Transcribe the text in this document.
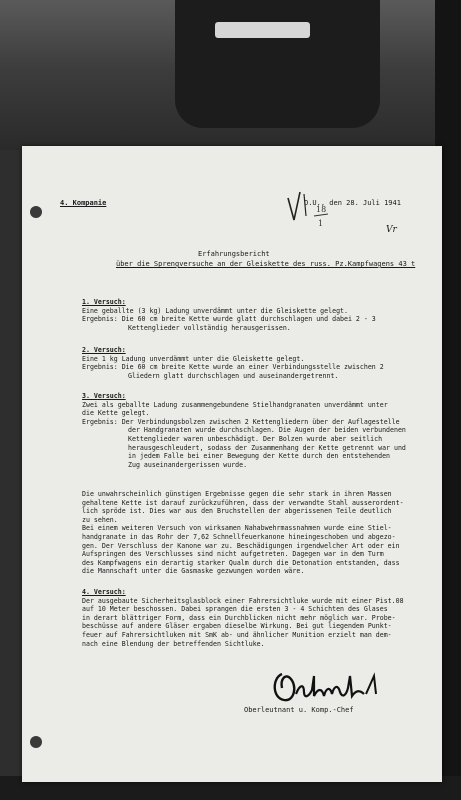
4. Kompanie	O.U., den 28. Juli 1941
18
1
Vr
Erfahrungsbericht
über die Sprengversuche an der Gleiskette des russ. Pz.Kampfwagens 43 t
1. Versuch:
Eine geballte (3 kg) Ladung unverdämmt unter die Gleiskette gelegt.
Ergebnis: Die 60 cm breite Kette wurde glatt durchschlagen und dabei 2 - 3
Kettenglieder vollständig herausgerissen.
2. Versuch:
Eine 1 kg Ladung unverdämmt unter die Gleiskette gelegt.
Ergebnis: Die 60 cm breite Kette wurde an einer Verbindungsstelle zwischen 2
Gliedern glatt durchschlagen und auseinandergetrennt.
3. Versuch:
Zwei als geballte Ladung zusammengebundene Stielhandgranaten unverdämmt unter
die Kette gelegt.
Ergebnis: Der Verbindungsbolzen zwischen 2 Kettengliedern über der Auflagestelle
der Handgranaten wurde durchschlagen. Die Augen der beiden verbundenen
Kettenglieder waren unbeschädigt. Der Bolzen wurde aber seitlich
herausgeschleudert, sodass der Zusammenhang der Kette getrennt war und
in jedem Falle bei einer Bewegung der Kette durch den entstehenden
Zug auseinandergerissen wurde.
Die unwahrscheinlich günstigen Ergebnisse gegen die sehr stark in ihren Massen
gehaltene Kette ist darauf zurückzuführen, dass der verwandte Stahl ausserordent-
lich spröde ist. Dies war aus den Bruchstellen der abgerissenen Teile deutlich
zu sehen.
Bei einem weiteren Versuch von wirksamen Nahabwehrmassnahmen wurde eine Stiel-
handgranate in das Rohr der 7,62 Schnellfeuerkanone hineingeschoben und abgezo-
gen. Der Verschluss der Kanone war zu. Beschädigungen irgendwelcher Art oder ein
Aufspringen des Verschlusses sind nicht aufgetreten. Dagegen war in dem Turm
des Kampfwagens ein derartig starker Qualm durch die Detonation entstanden, dass
die Mannschaft unter die Gasmaske gezwungen worden wäre.
4. Versuch:
Der ausgebaute Sicherheitsglasblock einer Fahrersichtluke wurde mit einer Pist.08
auf 10 Meter beschossen. Dabei sprangen die ersten 3 - 4 Schichten des Glases
in derart blättriger Form, dass ein Durchblicken nicht mehr möglich war. Probe-
beschüsse auf andere Gläser ergaben dieselbe Wirkung. Bei gut liegendem Punkt-
feuer auf Fahrersichtluken mit SmK ab- und ähnlicher Munition erzielt man dem-
nach eine Blendung der betreffenden Sichtluke.
Oberleutnant u. Komp.-Chef
